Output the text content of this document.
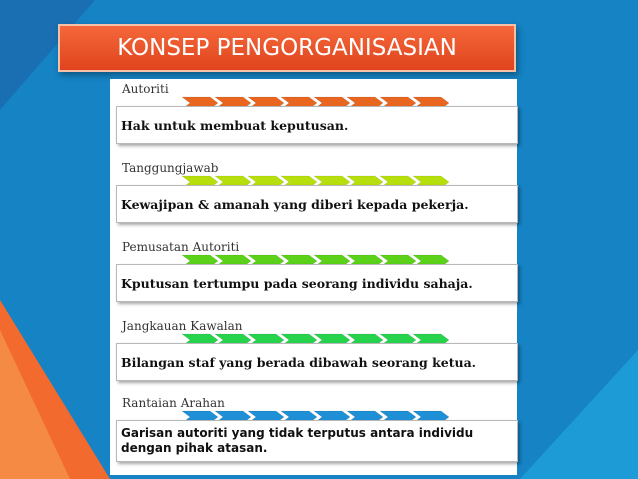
KONSEP PENGORGANISASIAN
Autoriti
Hak untuk membuat keputusan.
Tanggungjawab
Kewajipan & amanah yang diberi kepada pekerja.
Pemusatan Autoriti
Kputusan tertumpu pada seorang individu sahaja.
Jangkauan Kawalan
Bilangan staf yang berada dibawah seorang ketua.
Rantaian Arahan
Garisan autoriti yang tidak terputus antara individu dengan pihak atasan.
